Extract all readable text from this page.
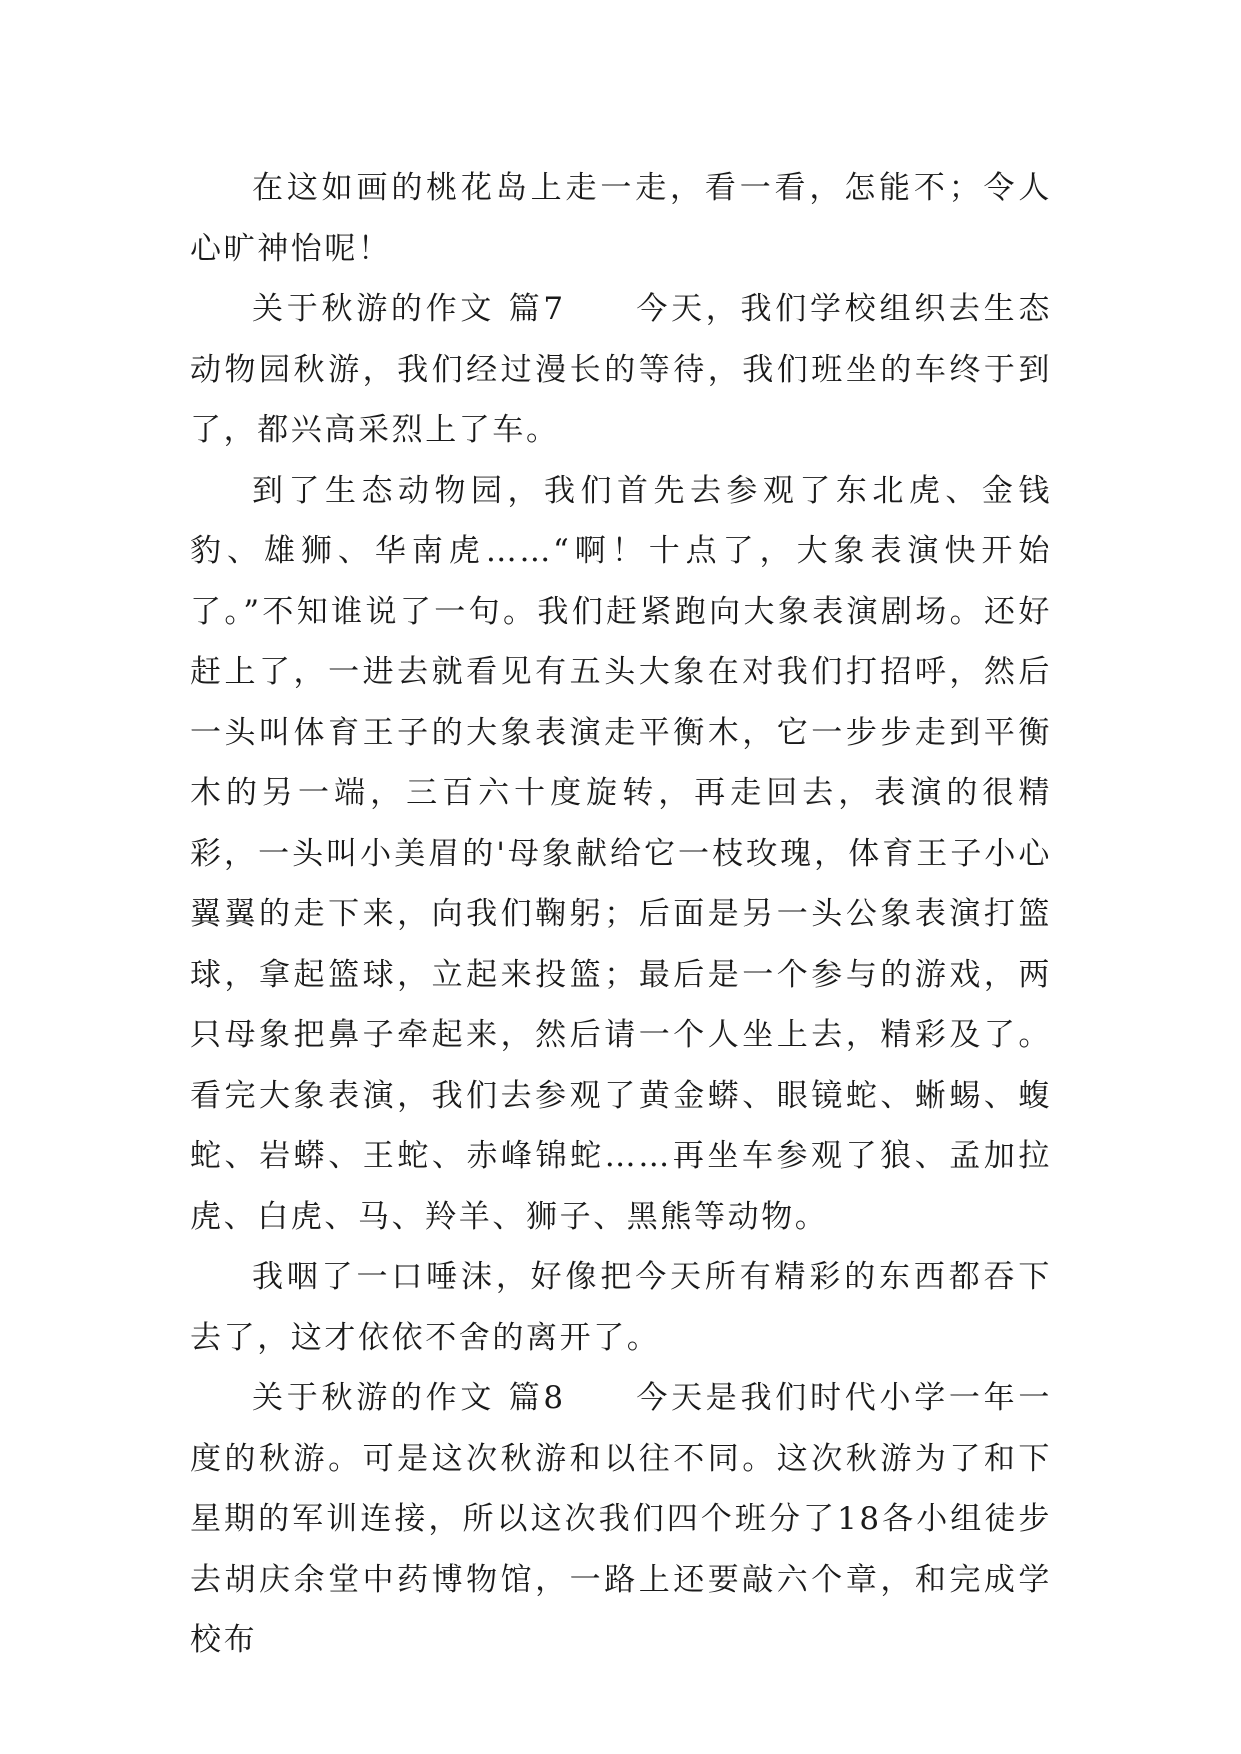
在这如画的桃花岛上走一走，看一看，怎能不；令人心旷神怡呢！

关于秋游的作文 篇7　　今天，我们学校组织去生态动物园秋游，我们经过漫长的等待，我们班坐的车终于到了，都兴高采烈上了车。

到了生态动物园，我们首先去参观了东北虎、金钱豹、雄狮、华南虎……“啊！十点了，大象表演快开始了。”不知谁说了一句。我们赶紧跑向大象表演剧场。还好赶上了，一进去就看见有五头大象在对我们打招呼，然后一头叫体育王子的大象表演走平衡木，它一步步走到平衡木的另一端，三百六十度旋转，再走回去，表演的很精彩，一头叫小美眉的'母象献给它一枝玫瑰，体育王子小心翼翼的走下来，向我们鞠躬；后面是另一头公象表演打篮球，拿起篮球，立起来投篮；最后是一个参与的游戏，两只母象把鼻子牵起来，然后请一个人坐上去，精彩及了。看完大象表演，我们去参观了黄金蟒、眼镜蛇、蜥蜴、蝮蛇、岩蟒、王蛇、赤峰锦蛇……再坐车参观了狼、孟加拉虎、白虎、马、羚羊、狮子、黑熊等动物。

我咽了一口唾沫，好像把今天所有精彩的东西都吞下去了，这才依依不舍的离开了。

关于秋游的作文 篇8　　今天是我们时代小学一年一度的秋游。可是这次秋游和以往不同。这次秋游为了和下星期的军训连接，所以这次我们四个班分了18各小组徒步去胡庆余堂中药博物馆，一路上还要敲六个章，和完成学校布
